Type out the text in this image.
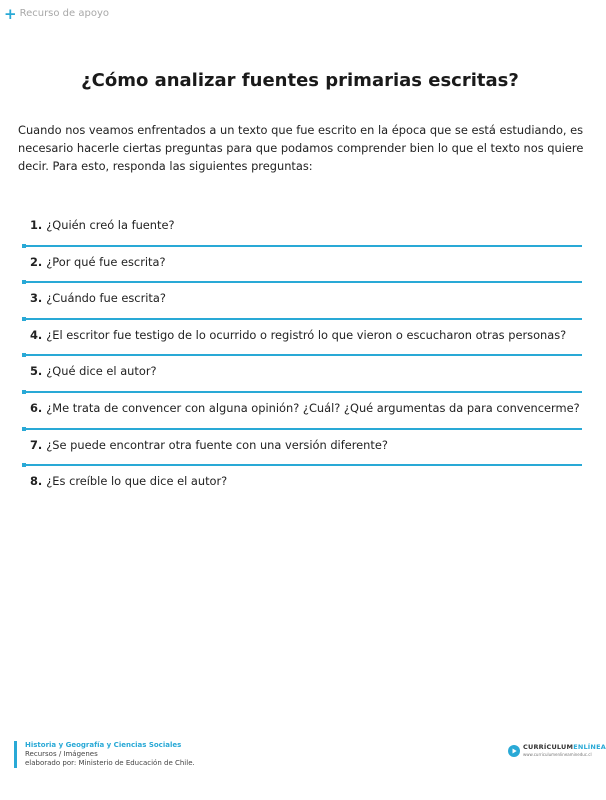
+ Recurso de apoyo
¿Cómo analizar fuentes primarias escritas?

Cuando nos veamos enfrentados a un texto que fue escrito en la época que se está estudiando, es necesario hacerle ciertas preguntas para que podamos comprender bien lo que el texto nos quiere decir. Para esto, responda las siguientes preguntas:

1. ¿Quién creó la fuente?
2. ¿Por qué fue escrita?
3. ¿Cuándo fue escrita?
4. ¿El escritor fue testigo de lo ocurrido o registró lo que vieron o escucharon otras personas?
5. ¿Qué dice el autor?
6. ¿Me trata de convencer con alguna opinión? ¿Cuál? ¿Qué argumentas da para convencerme?
7. ¿Se puede encontrar otra fuente con una versión diferente?
8. ¿Es creíble lo que dice el autor?
Historia y Geografía y Ciencias Sociales
Recursos / Imágenes
elaborado por: Ministerio de Educación de Chile.
CURRÍCULUMENLÍNEA
www.curriculumenlineamineduc.cl
